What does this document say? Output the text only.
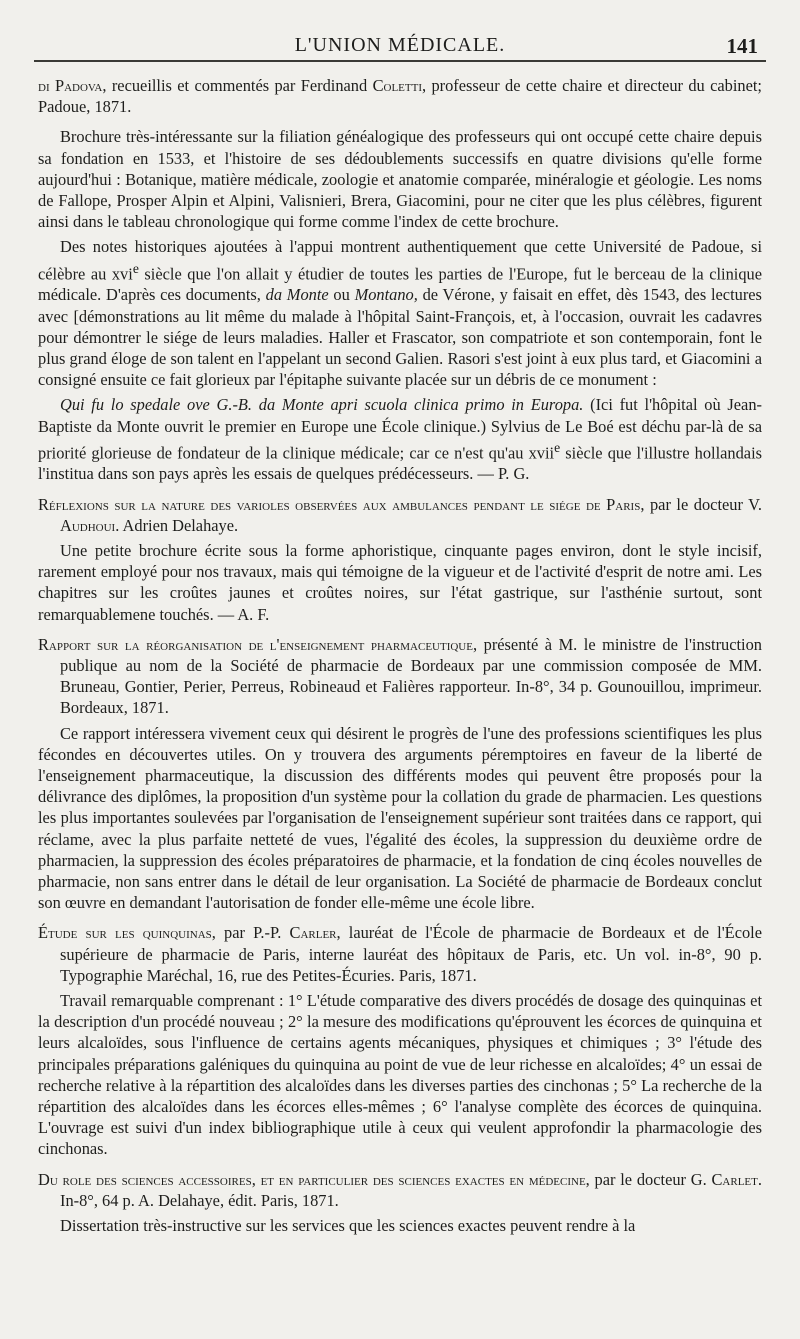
L'UNION MÉDICALE.	141

di Padova, recueillis et commentés par Ferdinand Coletti, professeur de cette chaire et directeur du cabinet; Padoue, 1871.

Brochure très-intéressante sur la filiation généalogique des professeurs qui ont occupé cette chaire depuis sa fondation en 1533, et l'histoire de ses dédoublements successifs en quatre divisions qu'elle forme aujourd'hui : Botanique, matière médicale, zoologie et anatomie comparée, minéralogie et géologie. Les noms de Fallope, Prosper Alpin et Alpini, Valisnieri, Brera, Giacomini, pour ne citer que les plus célèbres, figurent ainsi dans le tableau chronologique qui forme comme l'index de cette brochure.

Des notes historiques ajoutées à l'appui montrent authentiquement que cette Université de Padoue, si célèbre au xvi$^e$ siècle que l'on allait y étudier de toutes les parties de l'Europe, fut le berceau de la clinique médicale. D'après ces documents, da Monte ou Montano, de Vérone, y faisait en effet, dès 1543, des lectures avec [démonstrations au lit même du malade à l'hôpital Saint-François, et, à l'occasion, ouvrait les cadavres pour démontrer le siége de leurs maladies. Haller et Frascator, son compatriote et son contemporain, font le plus grand éloge de son talent en l'appelant un second Galien. Rasori s'est joint à eux plus tard, et Giacomini a consigné ensuite ce fait glorieux par l'épitaphe suivante placée sur un débris de ce monument :

Qui fu lo spedale ove G.-B. da Monte apri scuola clinica primo in Europa. (Ici fut l'hôpital où Jean-Baptiste da Monte ouvrit le premier en Europe une École clinique.) Sylvius de Le Boé est déchu par-là de sa priorité glorieuse de fondateur de la clinique médicale; car ce n'est qu'au xvii$^e$ siècle que l'illustre hollandais l'institua dans son pays après les essais de quelques prédécesseurs. — P. G.

Réflexions sur la nature des varioles observées aux ambulances pendant le siége de Paris, par le docteur V. Audhoui. Adrien Delahaye.

Une petite brochure écrite sous la forme aphoristique, cinquante pages environ, dont le style incisif, rarement employé pour nos travaux, mais qui témoigne de la vigueur et de l'activité d'esprit de notre ami. Les chapitres sur les croûtes jaunes et croûtes noires, sur l'état gastrique, sur l'asthénie surtout, sont remarquablemene touchés. — A. F.

Rapport sur la réorganisation de l'enseignement pharmaceutique, présenté à M. le ministre de l'instruction publique au nom de la Société de pharmacie de Bordeaux par une commission composée de MM. Bruneau, Gontier, Perier, Perreus, Robineaud et Falières rapporteur. In-8°, 34 p. Gounouillou, imprimeur. Bordeaux, 1871.

Ce rapport intéressera vivement ceux qui désirent le progrès de l'une des professions scientifiques les plus fécondes en découvertes utiles. On y trouvera des arguments péremptoires en faveur de la liberté de l'enseignement pharmaceutique, la discussion des différents modes qui peuvent être proposés pour la délivrance des diplômes, la proposition d'un système pour la collation du grade de pharmacien. Les questions les plus importantes soulevées par l'organisation de l'enseignement supérieur sont traitées dans ce rapport, qui réclame, avec la plus parfaite netteté de vues, l'égalité des écoles, la suppression du deuxième ordre de pharmacien, la suppression des écoles préparatoires de pharmacie, et la fondation de cinq écoles nouvelles de pharmacie, non sans entrer dans le détail de leur organisation. La Société de pharmacie de Bordeaux conclut son œuvre en demandant l'autorisation de fonder elle-même une école libre.

Étude sur les quinquinas, par P.-P. Carler, lauréat de l'École de pharmacie de Bordeaux et de l'École supérieure de pharmacie de Paris, interne lauréat des hôpitaux de Paris, etc. Un vol. in-8°, 90 p. Typographie Maréchal, 16, rue des Petites-Écuries. Paris, 1871.

Travail remarquable comprenant : 1° L'étude comparative des divers procédés de dosage des quinquinas et la description d'un procédé nouveau ; 2° la mesure des modifications qu'éprouvent les écorces de quinquina et leurs alcaloïdes, sous l'influence de certains agents mécaniques, physiques et chimiques ; 3° l'étude des principales préparations galéniques du quinquina au point de vue de leur richesse en alcaloïdes; 4° un essai de recherche relative à la répartition des alcaloïdes dans les diverses parties des cinchonas ; 5° La recherche de la répartition des alcaloïdes dans les écorces elles-mêmes ; 6° l'analyse complète des écorces de quinquina. L'ouvrage est suivi d'un index bibliographique utile à ceux qui veulent approfondir la pharmacologie des cinchonas.

Du role des sciences accessoires, et en particulier des sciences exactes en médecine, par le docteur G. Carlet. In-8°, 64 p. A. Delahaye, édit. Paris, 1871.

Dissertation très-instructive sur les services que les sciences exactes peuvent rendre à la
